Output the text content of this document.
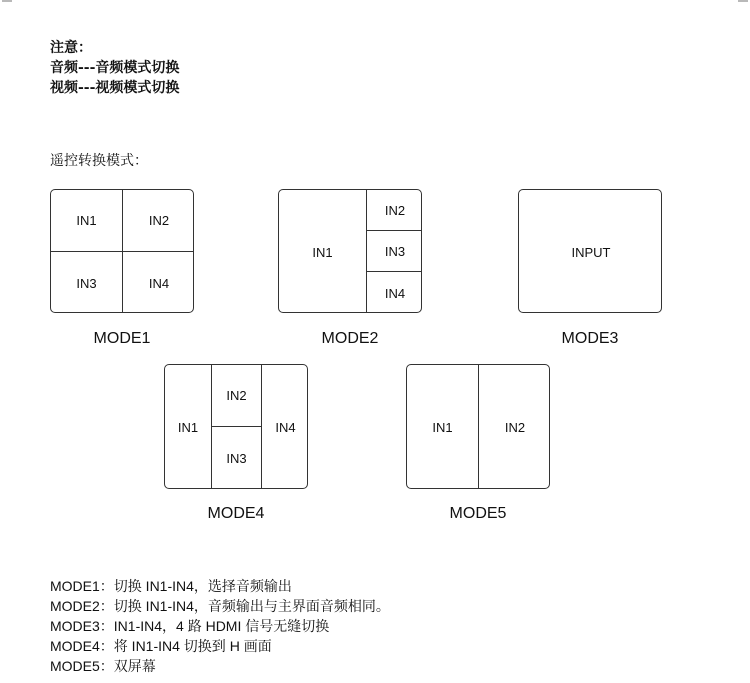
注意：
音频---音频模式切换
视频---视频模式切换
遥控转换模式：
IN1	IN2
IN3	IN4
MODE1
IN1
IN2
IN3
IN4
MODE2
INPUT
MODE3
IN1
IN2
IN3
IN4
MODE4
IN1	IN2
MODE5
MODE1：切换 IN1-IN4，选择音频输出
MODE2：切换 IN1-IN4，音频输出与主界面音频相同。
MODE3：IN1-IN4，4 路 HDMI 信号无缝切换
MODE4：将 IN1-IN4 切换到 H 画面
MODE5：双屏幕
